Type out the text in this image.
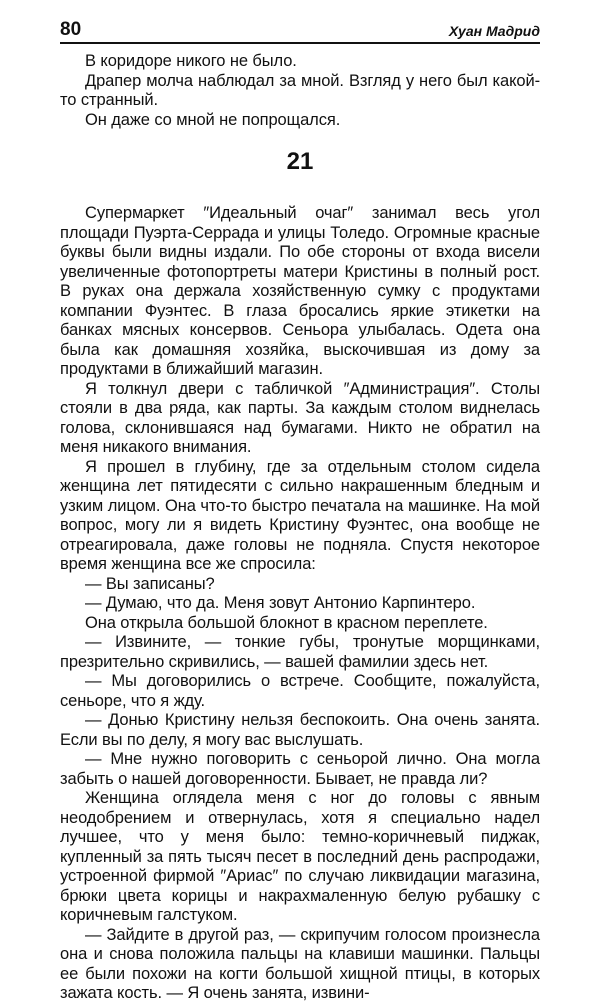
80	Хуан Мадрид

В коридоре никого не было.

Драпер молча наблюдал за мной. Взгляд у него был какой-то странный.

Он даже со мной не попрощался.

21

Супермаркет ″Идеальный очаг″ занимал весь угол площади Пуэрта-Серрада и улицы Толедо. Огромные красные буквы были видны издали. По обе стороны от входа висели увеличенные фотопортреты матери Кристины в полный рост. В руках она держала хозяйственную сумку с продуктами компании Фуэнтес. В глаза бросались яркие этикетки на банках мясных консервов. Сеньора улыбалась. Одета она была как домашняя хозяйка, выскочившая из дому за продуктами в ближайший магазин.

Я толкнул двери с табличкой ″Администрация″. Столы стояли в два ряда, как парты. За каждым столом виднелась голова, склонившаяся над бумагами. Никто не обратил на меня никакого внимания.

Я прошел в глубину, где за отдельным столом сидела женщина лет пятидесяти с сильно накрашенным бледным и узким лицом. Она что-то быстро печатала на машинке. На мой вопрос, могу ли я видеть Кристину Фуэнтес, она вообще не отреагировала, даже головы не подняла. Спустя некоторое время женщина все же спросила:

— Вы записаны?

— Думаю, что да. Меня зовут Антонио Карпинтеро.

Она открыла большой блокнот в красном переплете.

— Извините, — тонкие губы, тронутые морщинками, презрительно скривились, — вашей фамилии здесь нет.

— Мы договорились о встрече. Сообщите, пожалуйста, сеньоре, что я жду.

— Донью Кристину нельзя беспокоить. Она очень занята. Если вы по делу, я могу вас выслушать.

— Мне нужно поговорить с сеньорой лично. Она могла забыть о нашей договоренности. Бывает, не правда ли?

Женщина оглядела меня с ног до головы с явным неодобрением и отвернулась, хотя я специально надел лучшее, что у меня было: темно-коричневый пиджак, купленный за пять тысяч песет в последний день распродажи, устроенной фирмой ″Ариас″ по случаю ликвидации магазина, брюки цвета корицы и накрахмаленную белую рубашку с коричневым галстуком.

— Зайдите в другой раз, — скрипучим голосом произнесла она и снова положила пальцы на клавиши машинки. Пальцы ее были похожи на когти большой хищной птицы, в которых зажата кость. — Я очень занята, извини-
